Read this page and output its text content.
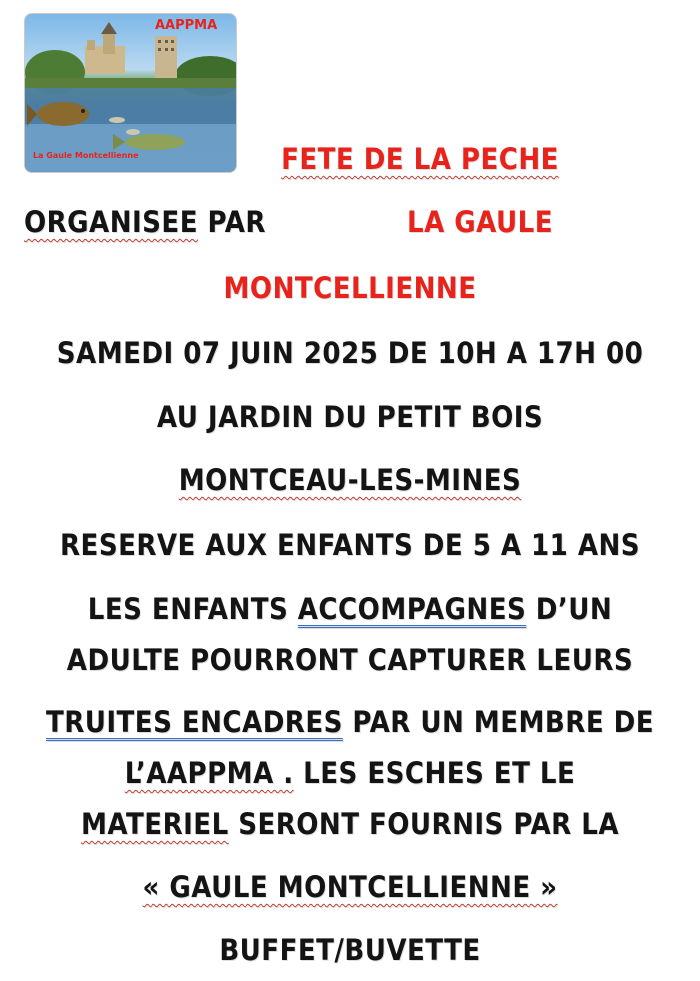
AAPPMA
La Gaule Montcellienne	FETE DE LA PECHE
ORGANISEE PAR	LA GAULE
MONTCELLIENNE
SAMEDI 07 JUIN 2025 DE 10H A 17H 00
AU JARDIN DU PETIT BOIS
MONTCEAU-LES-MINES
RESERVE AUX ENFANTS DE 5 A 11 ANS
LES ENFANTS ACCOMPAGNES D’UN
ADULTE POURRONT CAPTURER LEURS
TRUITES ENCADRES PAR UN MEMBRE DE
L’AAPPMA . LES ESCHES ET LE
MATERIEL SERONT FOURNIS PAR LA
« GAULE MONTCELLIENNE »
BUFFET/BUVETTE
